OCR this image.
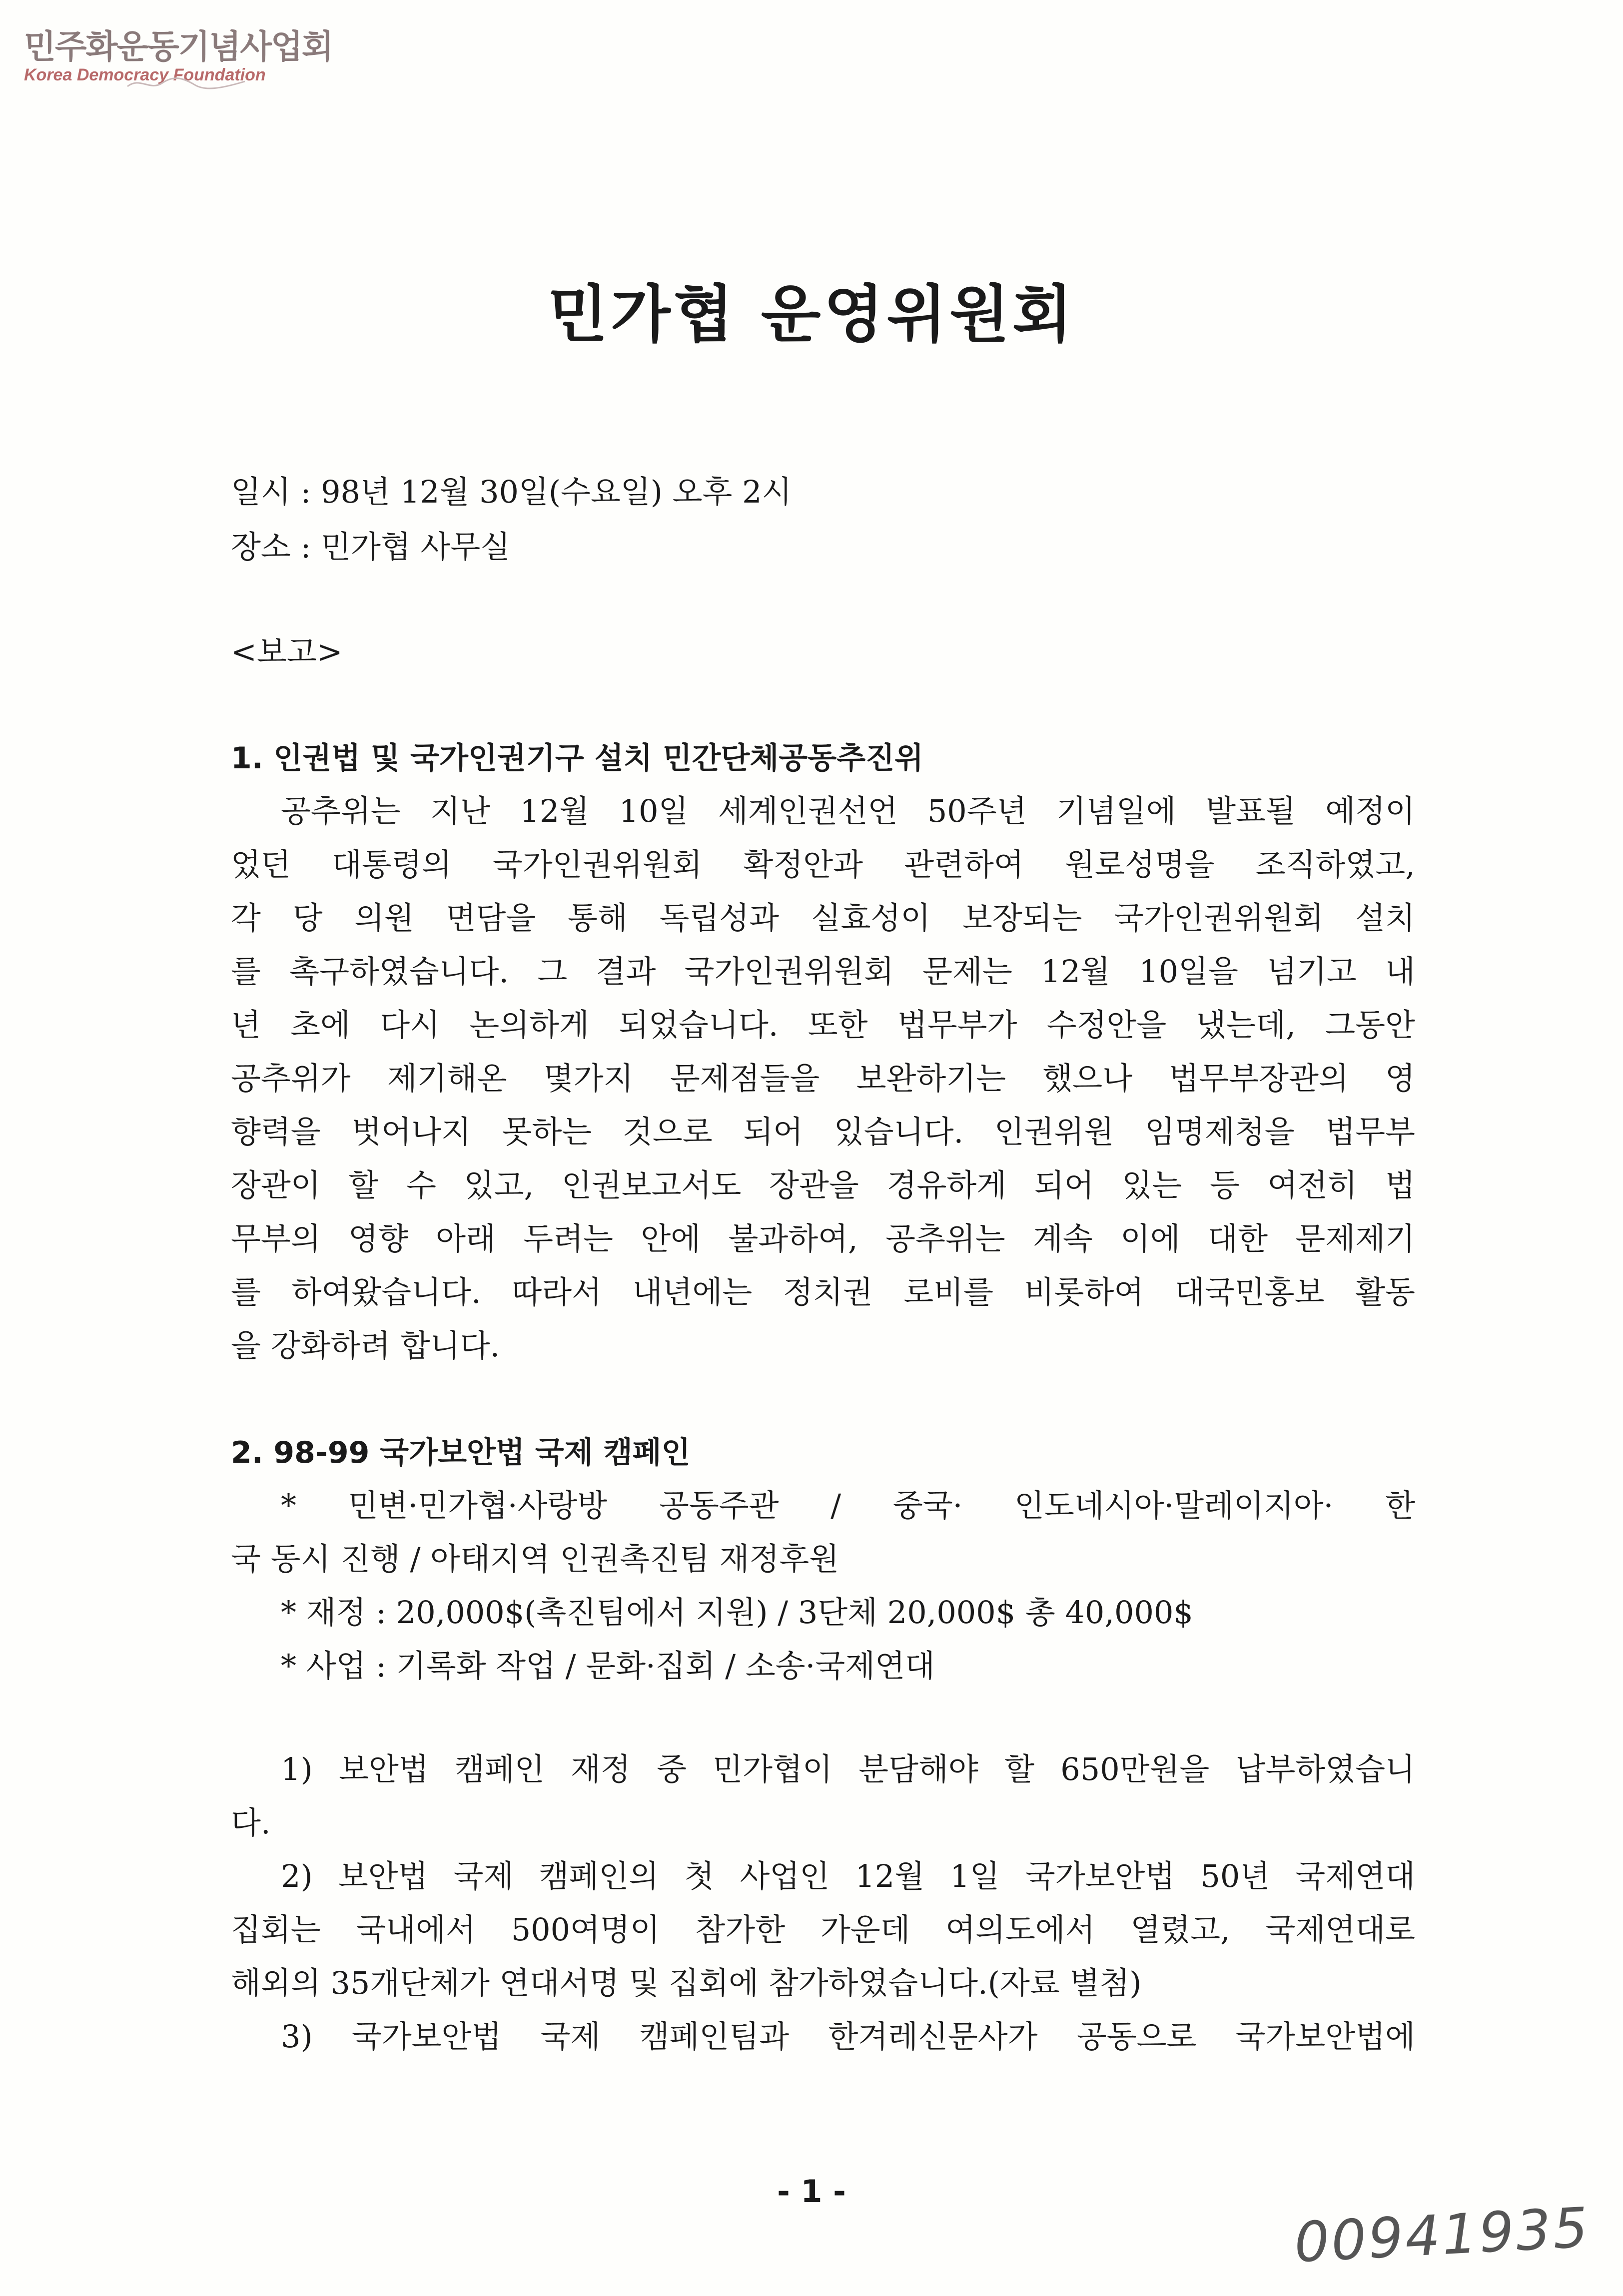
민주화운동기념사업회
Korea Democracy Foundation
민가협 운영위원회
일시 : 98년 12월 30일(수요일) 오후 2시
장소 : 민가협 사무실
<보고>
1. 인권법 및 국가인권기구 설치 민간단체공동추진위
공추위는 지난 12월 10일 세계인권선언 50주년 기념일에 발표될 예정이
었던 대통령의 국가인권위원회 확정안과 관련하여 원로성명을 조직하였고,
각 당 의원 면담을 통해 독립성과 실효성이 보장되는 국가인권위원회 설치
를 촉구하였습니다. 그 결과 국가인권위원회 문제는 12월 10일을 넘기고 내
년 초에 다시 논의하게 되었습니다. 또한 법무부가 수정안을 냈는데, 그동안
공추위가 제기해온 몇가지 문제점들을 보완하기는 했으나 법무부장관의 영
향력을 벗어나지 못하는 것으로 되어 있습니다. 인권위원 임명제청을 법무부
장관이 할 수 있고, 인권보고서도 장관을 경유하게 되어 있는 등 여전히 법
무부의 영향 아래 두려는 안에 불과하여, 공추위는 계속 이에 대한 문제제기
를 하여왔습니다. 따라서 내년에는 정치권 로비를 비롯하여 대국민홍보 활동
을 강화하려 합니다.
2. 98-99 국가보안법 국제 캠페인
* 민변·민가협·사랑방 공동주관 / 중국· 인도네시아·말레이지아· 한
국 동시 진행 / 아태지역 인권촉진팀 재정후원
* 재정 : 20,000$(촉진팀에서 지원) / 3단체 20,000$ 총 40,000$
* 사업 : 기록화 작업 / 문화·집회 / 소송·국제연대
1) 보안법 캠페인 재정 중 민가협이 분담해야 할 650만원을 납부하였습니
다.
2) 보안법 국제 캠페인의 첫 사업인 12월 1일 국가보안법 50년 국제연대
집회는 국내에서 500여명이 참가한 가운데 여의도에서 열렸고, 국제연대로
해외의 35개단체가 연대서명 및 집회에 참가하였습니다.(자료 별첨)
3) 국가보안법 국제 캠페인팀과 한겨레신문사가 공동으로 국가보안법에
- 1 -
00941935
